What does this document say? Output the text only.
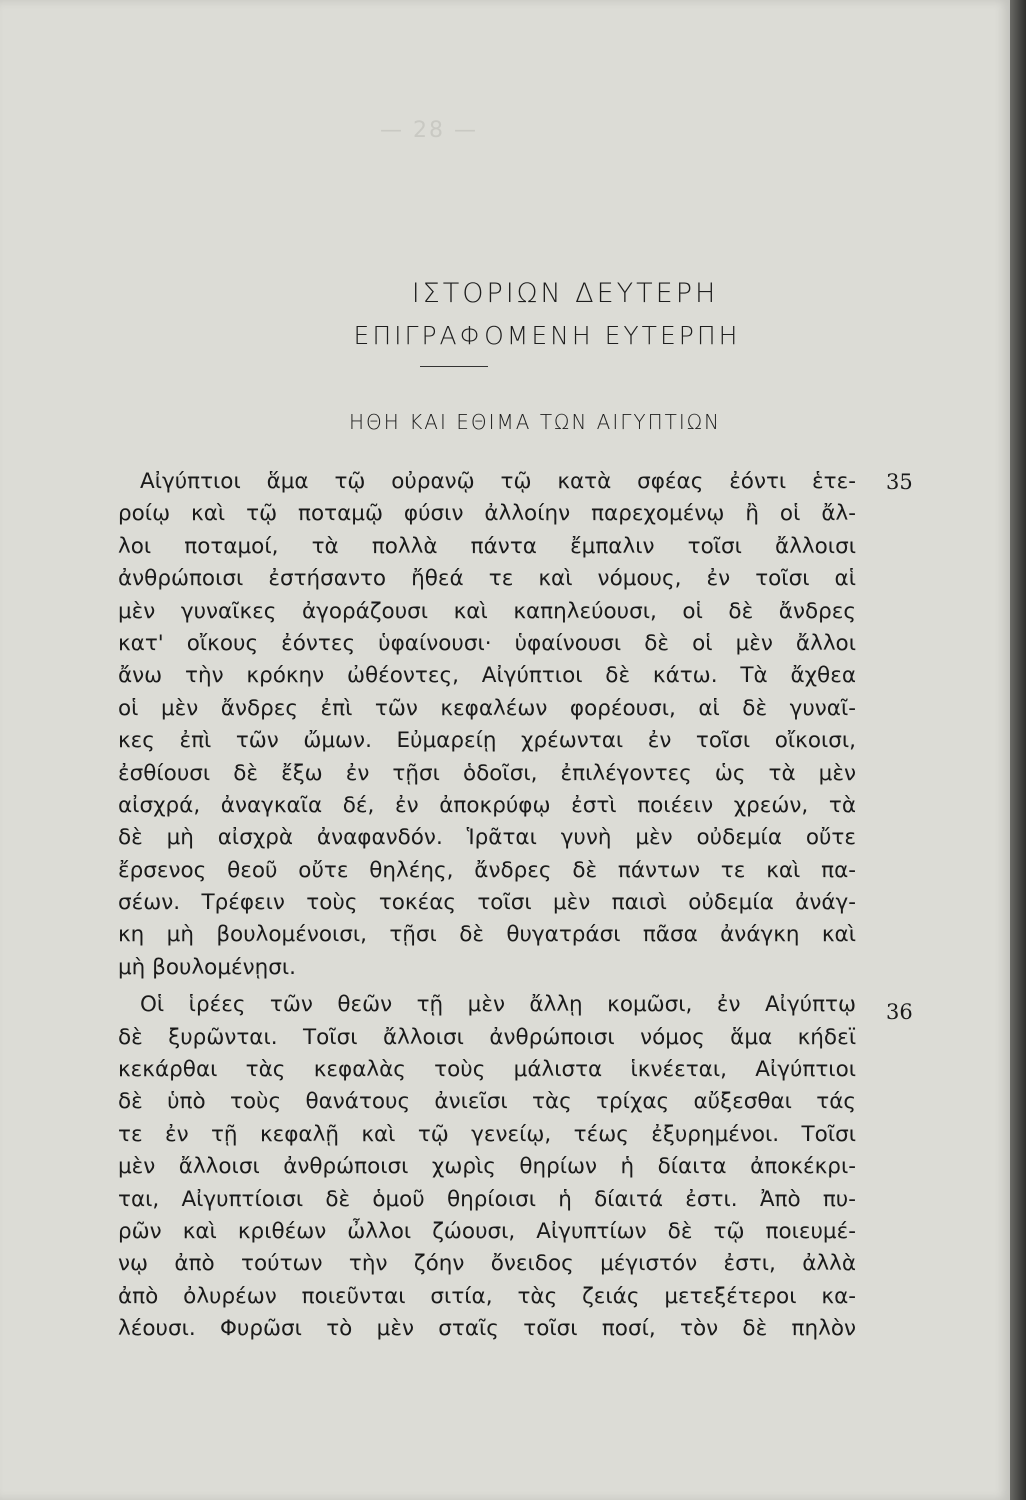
— 28 —
ΙΣΤΟΡΙΩΝ ΔΕΥΤΕΡΗ
ΕΠΙΓΡΑΦΟΜΕΝΗ ΕΥΤΕΡΠΗ
ΗΘΗ ΚΑΙ ΕΘΙΜΑ ΤΩΝ ΑΙΓΥΠΤΙΩΝ
35
36
Αἰγύπτιοι ἅμα τῷ οὐρανῷ τῷ κατὰ σφέας ἐόντι ἑτε-
ροίῳ καὶ τῷ ποταμῷ φύσιν ἀλλοίην παρεχομένῳ ἢ οἱ ἄλ-
λοι ποταμοί, τὰ πολλὰ πάντα ἔμπαλιν τοῖσι ἄλλοισι
ἀνθρώποισι ἐστήσαντο ἤθεά τε καὶ νόμους, ἐν τοῖσι αἱ
μὲν γυναῖκες ἀγοράζουσι καὶ καπηλεύουσι, οἱ δὲ ἄνδρες
κατ' οἴκους ἐόντες ὑφαίνουσι· ὑφαίνουσι δὲ οἱ μὲν ἄλλοι
ἄνω τὴν κρόκην ὠθέοντες, Αἰγύπτιοι δὲ κάτω. Τὰ ἄχθεα
οἱ μὲν ἄνδρες ἐπὶ τῶν κεφαλέων φορέουσι, αἱ δὲ γυναῖ-
κες ἐπὶ τῶν ὤμων. Εὐμαρείῃ χρέωνται ἐν τοῖσι οἴκοισι,
ἐσθίουσι δὲ ἔξω ἐν τῇσι ὁδοῖσι, ἐπιλέγοντες ὡς τὰ μὲν
αἰσχρά, ἀναγκαῖα δέ, ἐν ἀποκρύφῳ ἐστὶ ποιέειν χρεών, τὰ
δὲ μὴ αἰσχρὰ ἀναφανδόν. Ἱρᾶται γυνὴ μὲν οὐδεμία οὔτε
ἔρσενος θεοῦ οὔτε θηλέης, ἄνδρες δὲ πάντων τε καὶ πα-
σέων. Τρέφειν τοὺς τοκέας τοῖσι μὲν παισὶ οὐδεμία ἀνάγ-
κη μὴ βουλομένοισι, τῇσι δὲ θυγατράσι πᾶσα ἀνάγκη καὶ
μὴ βουλομένῃσι.
Οἱ ἱρέες τῶν θεῶν τῇ μὲν ἄλλῃ κομῶσι, ἐν Αἰγύπτῳ
δὲ ξυρῶνται. Τοῖσι ἄλλοισι ἀνθρώποισι νόμος ἅμα κήδεϊ
κεκάρθαι τὰς κεφαλὰς τοὺς μάλιστα ἱκνέεται, Αἰγύπτιοι
δὲ ὑπὸ τοὺς θανάτους ἀνιεῖσι τὰς τρίχας αὔξεσθαι τάς
τε ἐν τῇ κεφαλῇ καὶ τῷ γενείῳ, τέως ἐξυρημένοι. Τοῖσι
μὲν ἄλλοισι ἀνθρώποισι χωρὶς θηρίων ἡ δίαιτα ἀποκέκρι-
ται, Αἰγυπτίοισι δὲ ὁμοῦ θηρίοισι ἡ δίαιτά ἐστι. Ἀπὸ πυ-
ρῶν καὶ κριθέων ὦλλοι ζώουσι, Αἰγυπτίων δὲ τῷ ποιευμέ-
νῳ ἀπὸ τούτων τὴν ζόην ὄνειδος μέγιστόν ἐστι, ἀλλὰ
ἀπὸ ὀλυρέων ποιεῦνται σιτία, τὰς ζειάς μετεξέτεροι κα-
λέουσι. Φυρῶσι τὸ μὲν σταῖς τοῖσι ποσί, τὸν δὲ πηλὸν
